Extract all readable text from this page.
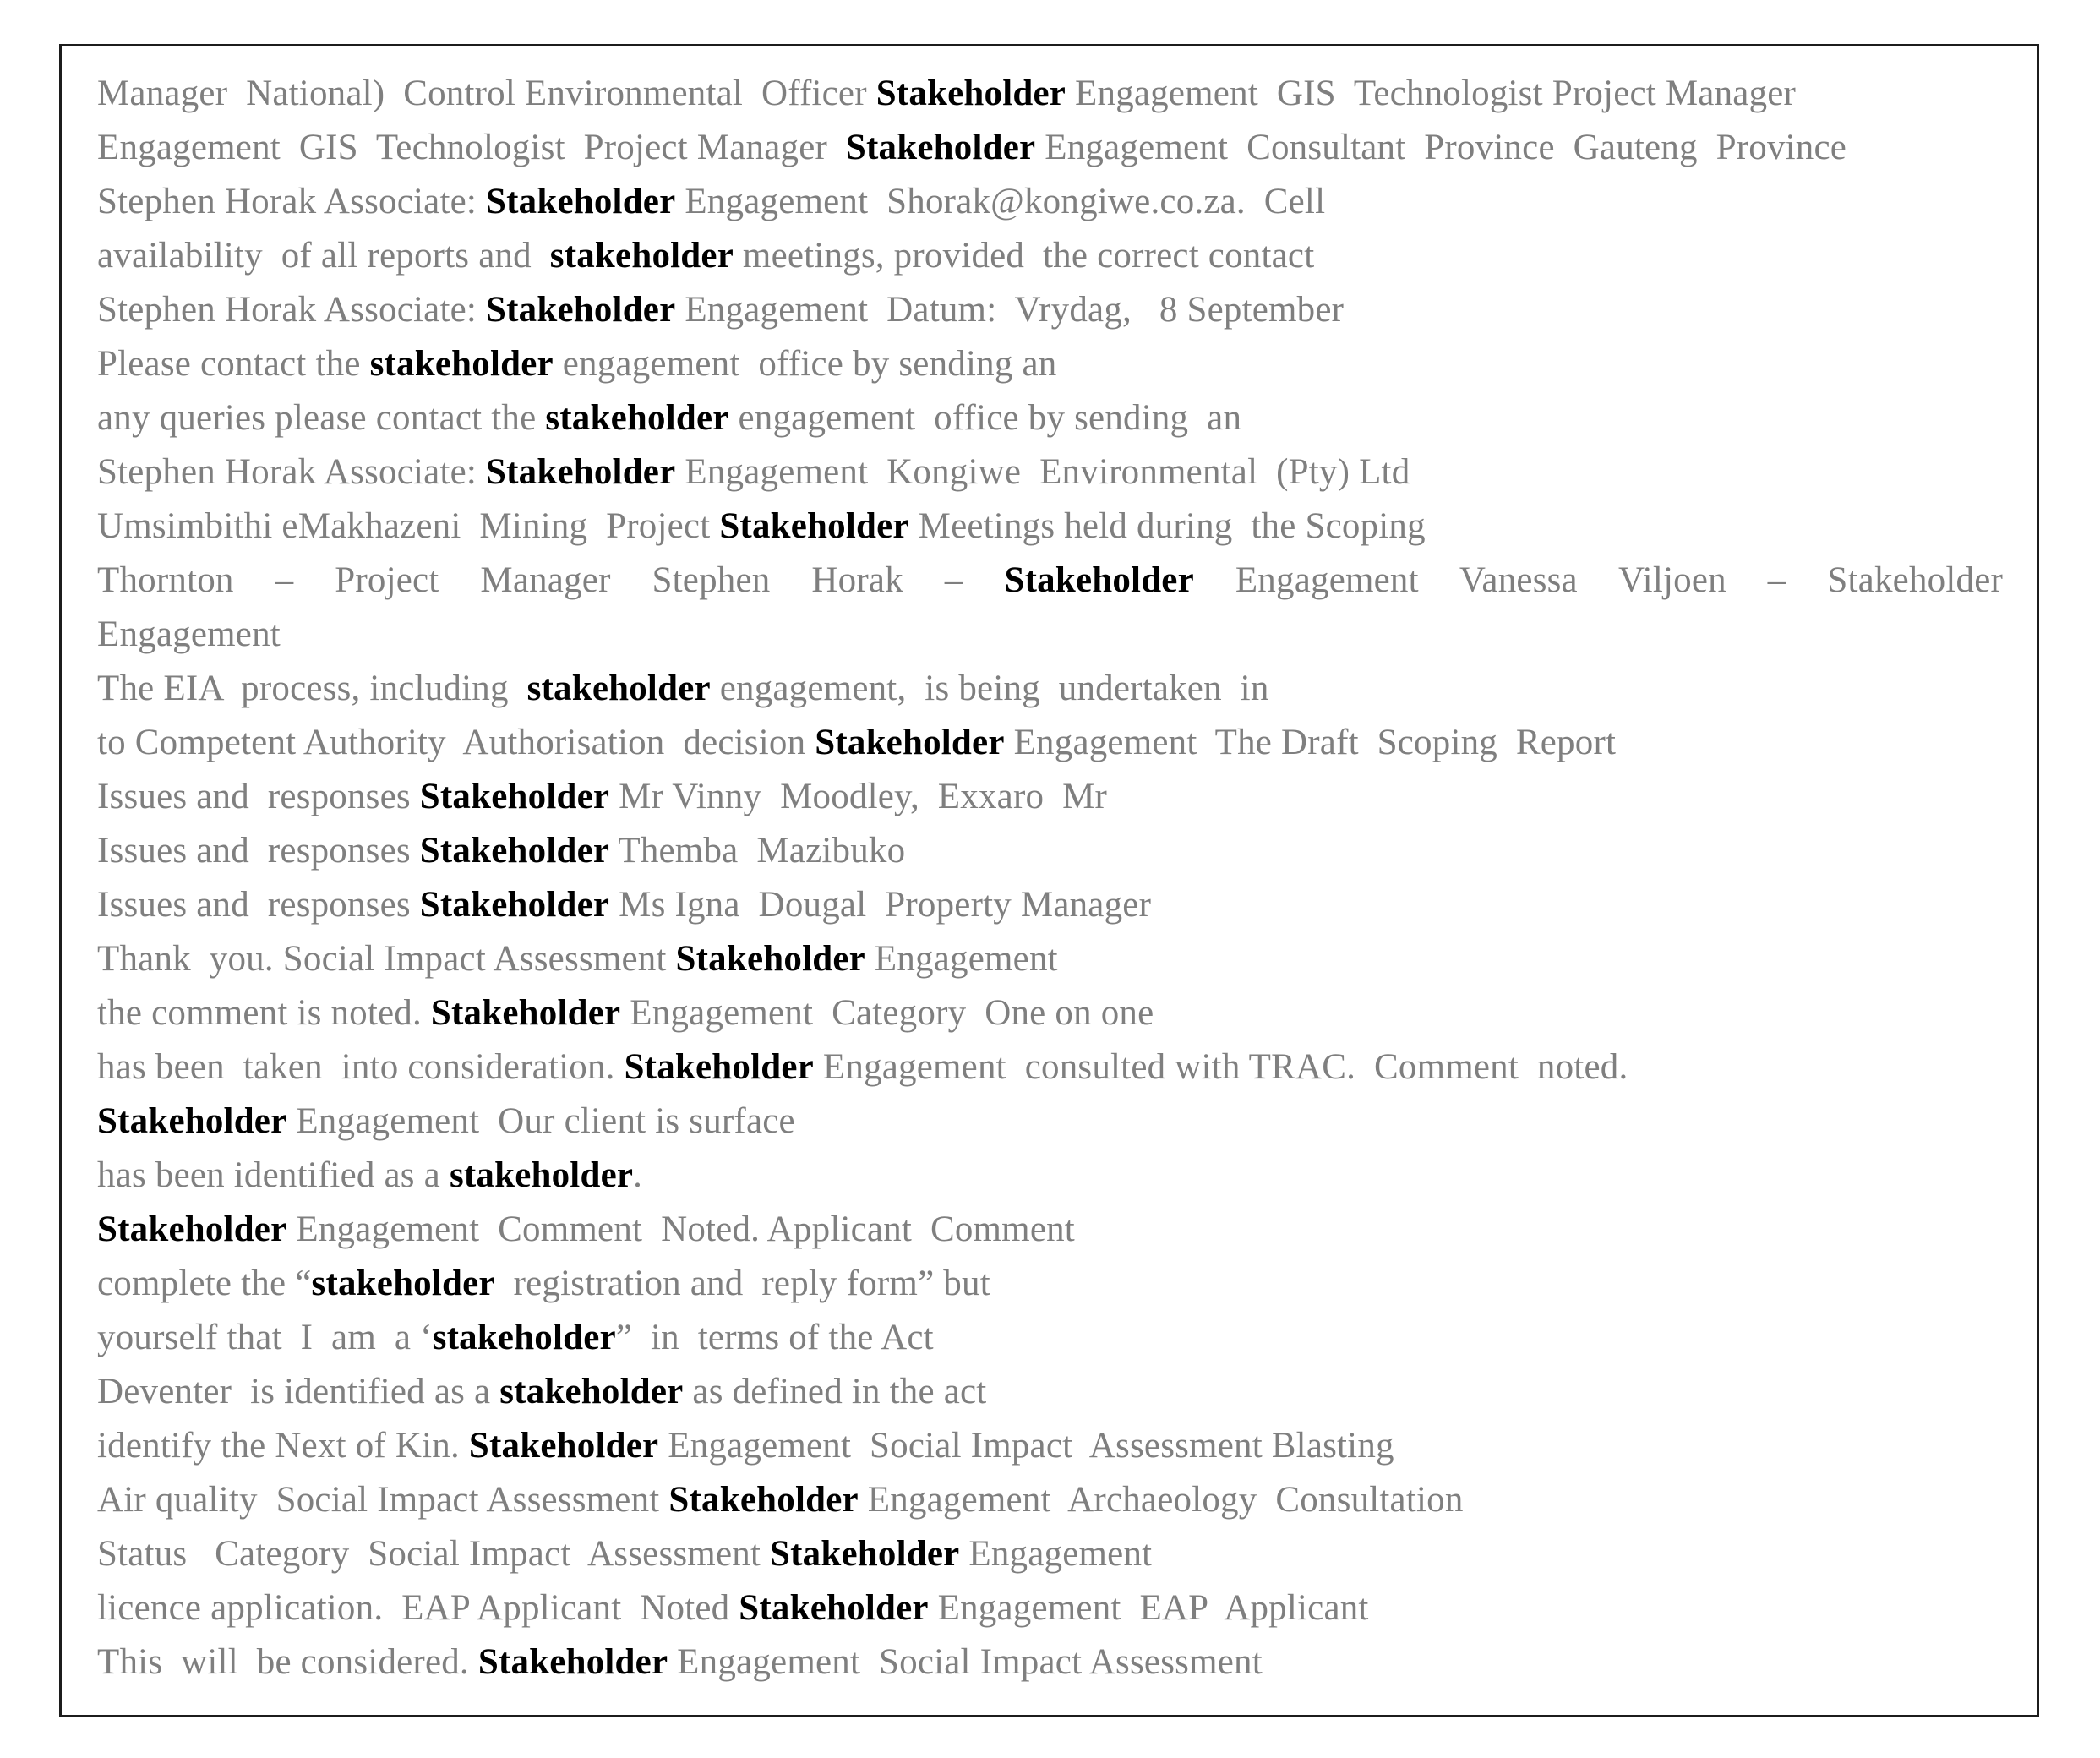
Manager  National)  Control Environmental  Officer Stakeholder Engagement  GIS  Technologist Project Manager
Engagement  GIS  Technologist  Project Manager  Stakeholder Engagement  Consultant  Province  Gauteng  Province
Stephen Horak Associate: Stakeholder Engagement  Shorak@kongiwe.co.za.  Cell
availability  of all reports and  stakeholder meetings, provided  the correct contact
Stephen Horak Associate: Stakeholder Engagement  Datum:  Vrydag,   8 September
Please contact the stakeholder engagement  office by sending an
any queries please contact the stakeholder engagement  office by sending  an
Stephen Horak Associate: Stakeholder Engagement  Kongiwe  Environmental  (Pty) Ltd
Umsimbithi eMakhazeni  Mining  Project Stakeholder Meetings held during  the Scoping
Thornton  –  Project  Manager  Stephen  Horak  –  Stakeholder  Engagement  Vanessa  Viljoen  –  Stakeholder
Engagement
The EIA  process, including  stakeholder engagement,  is being  undertaken  in
to Competent Authority  Authorisation  decision Stakeholder Engagement  The Draft  Scoping  Report
Issues and  responses Stakeholder Mr Vinny  Moodley,  Exxaro  Mr
Issues and  responses Stakeholder Themba  Mazibuko
Issues and  responses Stakeholder Ms Igna  Dougal  Property Manager
Thank  you. Social Impact Assessment Stakeholder Engagement
the comment is noted. Stakeholder Engagement  Category  One on one
has been  taken  into consideration. Stakeholder Engagement  consulted with TRAC.  Comment  noted.
Stakeholder Engagement  Our client is surface
has been identified as a stakeholder.
Stakeholder Engagement  Comment  Noted. Applicant  Comment
complete the “stakeholder  registration and  reply form” but
yourself that  I  am  a ‘stakeholder”  in  terms of the Act
Deventer  is identified as a stakeholder as defined in the act
identify the Next of Kin. Stakeholder Engagement  Social Impact  Assessment Blasting
Air quality  Social Impact Assessment Stakeholder Engagement  Archaeology  Consultation
Status   Category  Social Impact  Assessment Stakeholder Engagement
licence application.  EAP Applicant  Noted Stakeholder Engagement  EAP  Applicant
This  will  be considered. Stakeholder Engagement  Social Impact Assessment
